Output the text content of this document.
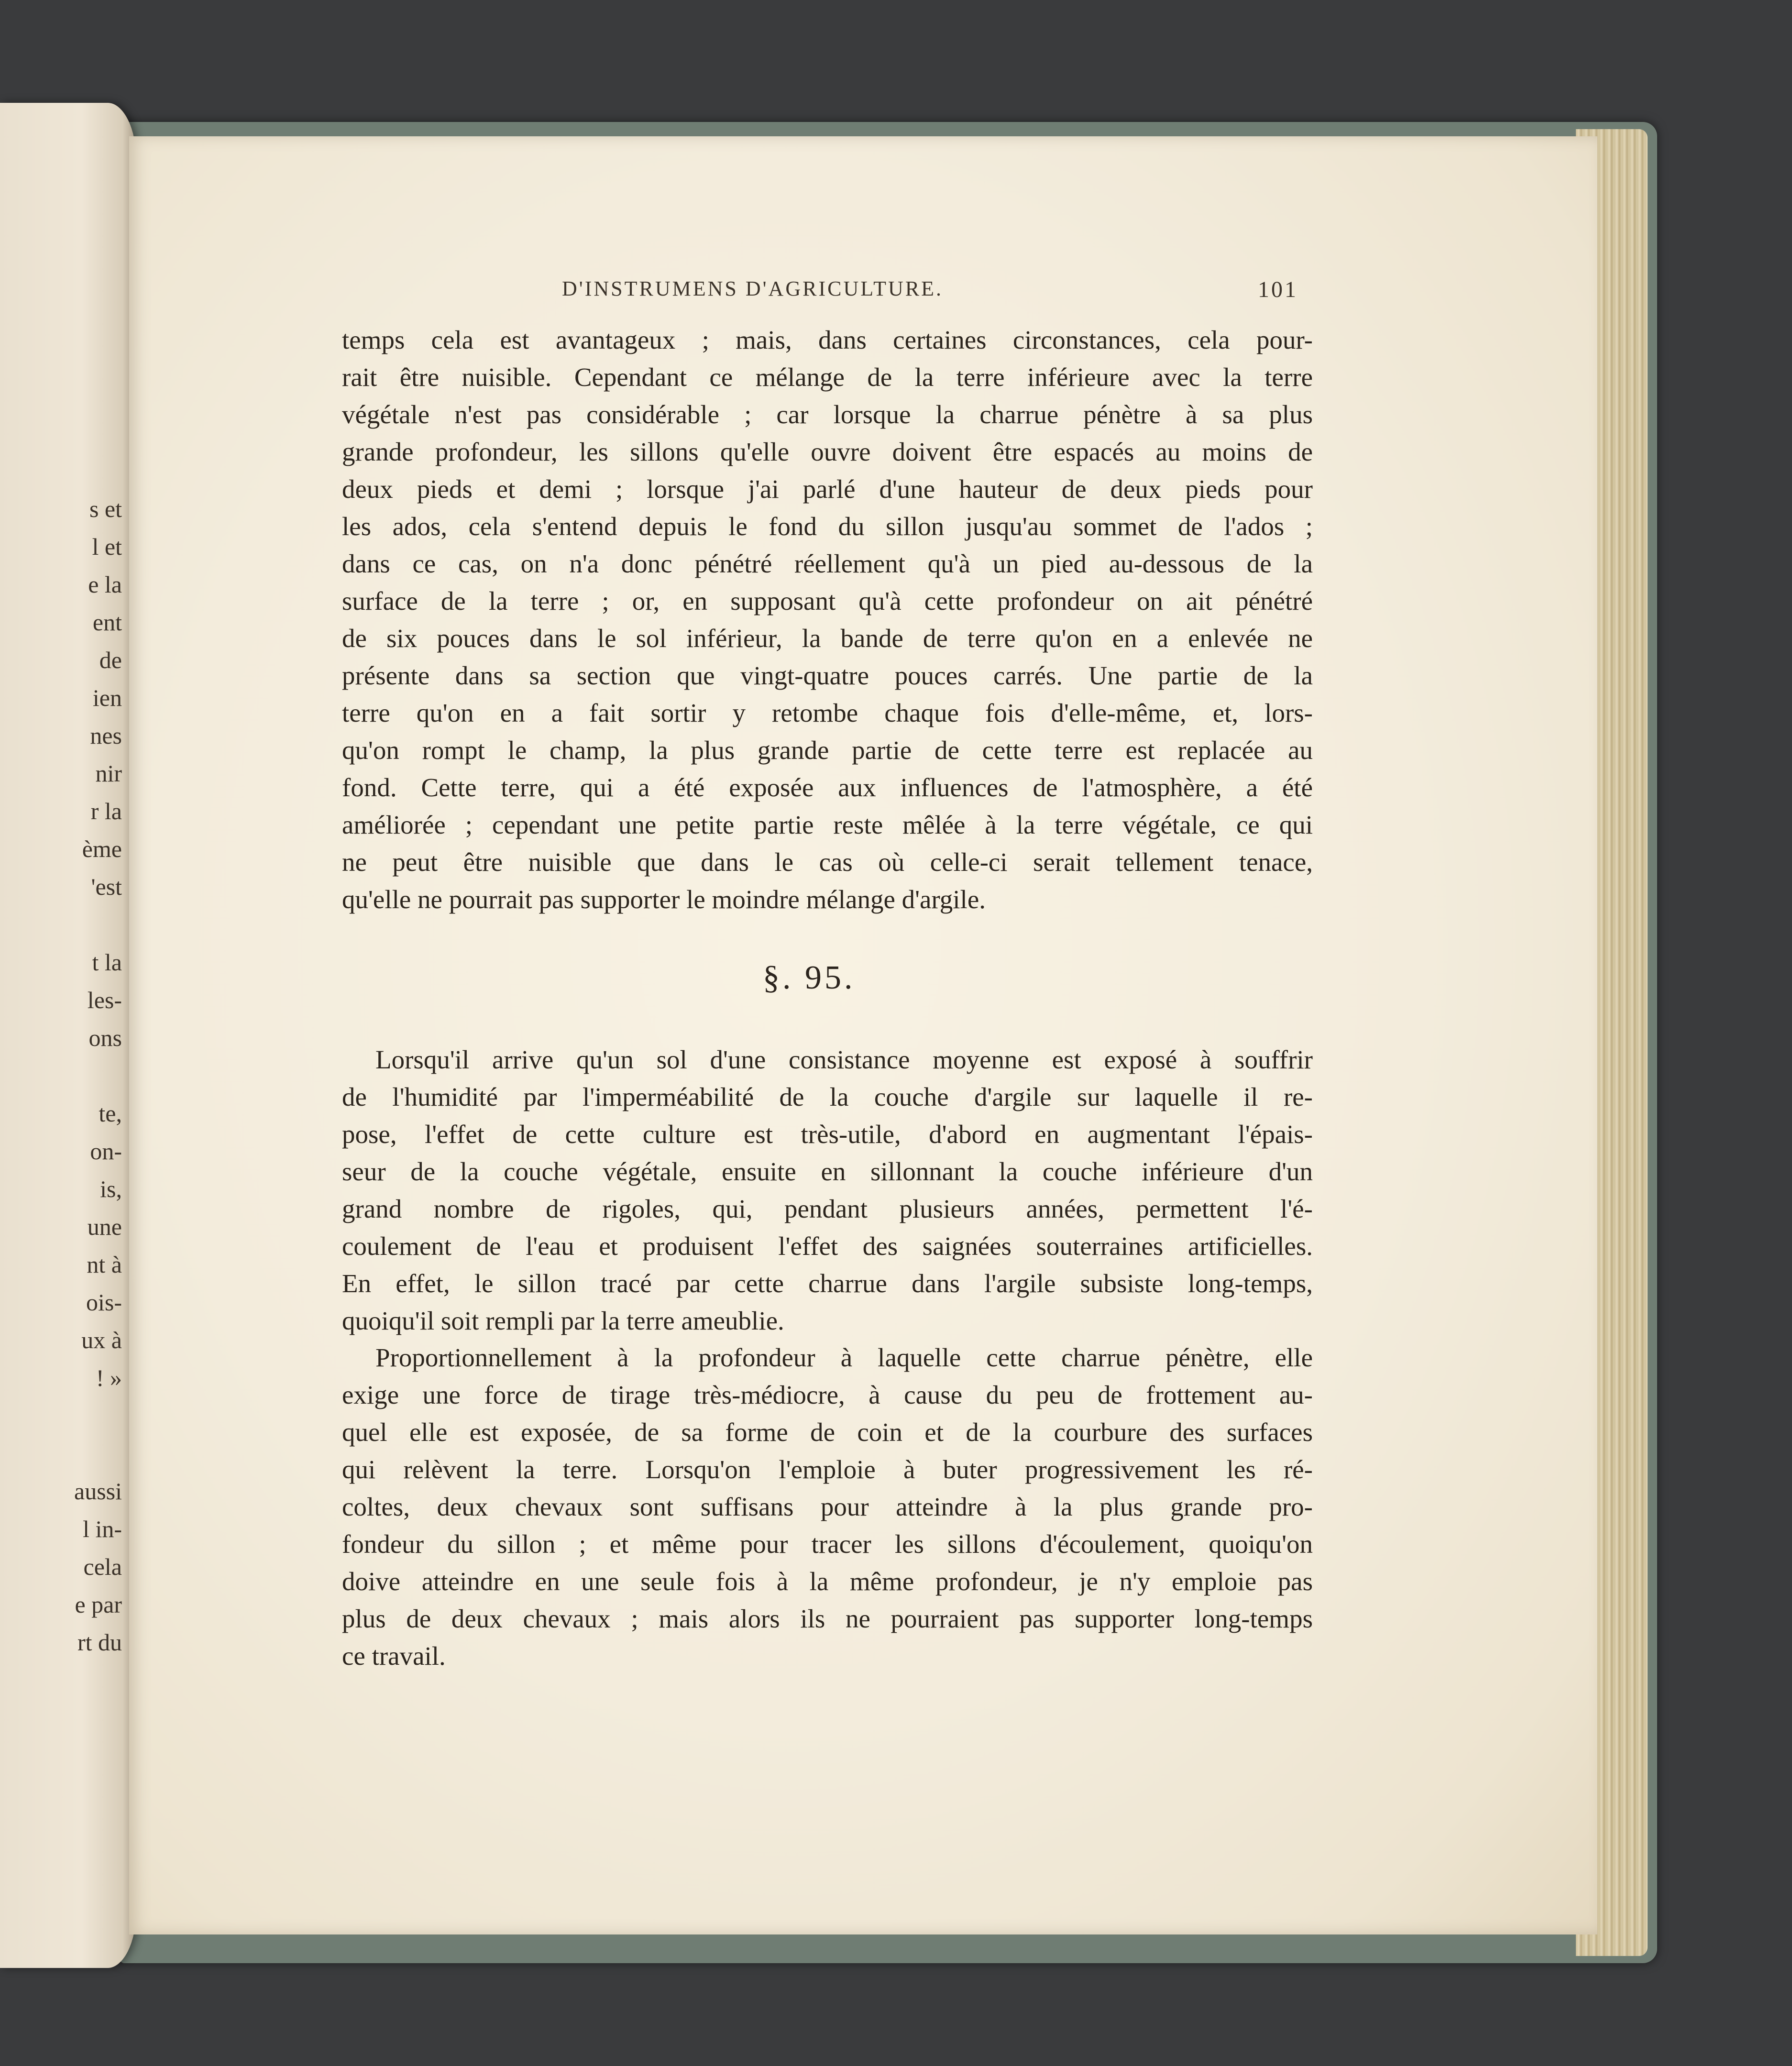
s et
l et
e la
ent
de
ien
nes
nir
r la
ème
'est
t la
les-
ons
te,
on-
is,
une
nt à
ois-
ux à
! »
aussi
l in-
cela
e par
rt du
D'INSTRUMENS D'AGRICULTURE.	101
temps cela est avantageux ; mais, dans certaines circonstances, cela pour-
rait être nuisible. Cependant ce mélange de la terre inférieure avec la terre
végétale n'est pas considérable ; car lorsque la charrue pénètre à sa plus
grande profondeur, les sillons qu'elle ouvre doivent être espacés au moins de
deux pieds et demi ; lorsque j'ai parlé d'une hauteur de deux pieds pour
les ados, cela s'entend depuis le fond du sillon jusqu'au sommet de l'ados ;
dans ce cas, on n'a donc pénétré réellement qu'à un pied au-dessous de la
surface de la terre ; or, en supposant qu'à cette profondeur on ait pénétré
de six pouces dans le sol inférieur, la bande de terre qu'on en a enlevée ne
présente dans sa section que vingt-quatre pouces carrés. Une partie de la
terre qu'on en a fait sortir y retombe chaque fois d'elle-même, et, lors-
qu'on rompt le champ, la plus grande partie de cette terre est replacée au
fond. Cette terre, qui a été exposée aux influences de l'atmosphère, a été
améliorée ; cependant une petite partie reste mêlée à la terre végétale, ce qui
ne peut être nuisible que dans le cas où celle-ci serait tellement tenace,
qu'elle ne pourrait pas supporter le moindre mélange d'argile.
§. 95.
Lorsqu'il arrive qu'un sol d'une consistance moyenne est exposé à souffrir
de l'humidité par l'imperméabilité de la couche d'argile sur laquelle il re-
pose, l'effet de cette culture est très-utile, d'abord en augmentant l'épais-
seur de la couche végétale, ensuite en sillonnant la couche inférieure d'un
grand nombre de rigoles, qui, pendant plusieurs années, permettent l'é-
coulement de l'eau et produisent l'effet des saignées souterraines artificielles.
En effet, le sillon tracé par cette charrue dans l'argile subsiste long-temps,
quoiqu'il soit rempli par la terre ameublie.
Proportionnellement à la profondeur à laquelle cette charrue pénètre, elle
exige une force de tirage très-médiocre, à cause du peu de frottement au-
quel elle est exposée, de sa forme de coin et de la courbure des surfaces
qui relèvent la terre. Lorsqu'on l'emploie à buter progressivement les ré-
coltes, deux chevaux sont suffisans pour atteindre à la plus grande pro-
fondeur du sillon ; et même pour tracer les sillons d'écoulement, quoiqu'on
doive atteindre en une seule fois à la même profondeur, je n'y emploie pas
plus de deux chevaux ; mais alors ils ne pourraient pas supporter long-temps
ce travail.
